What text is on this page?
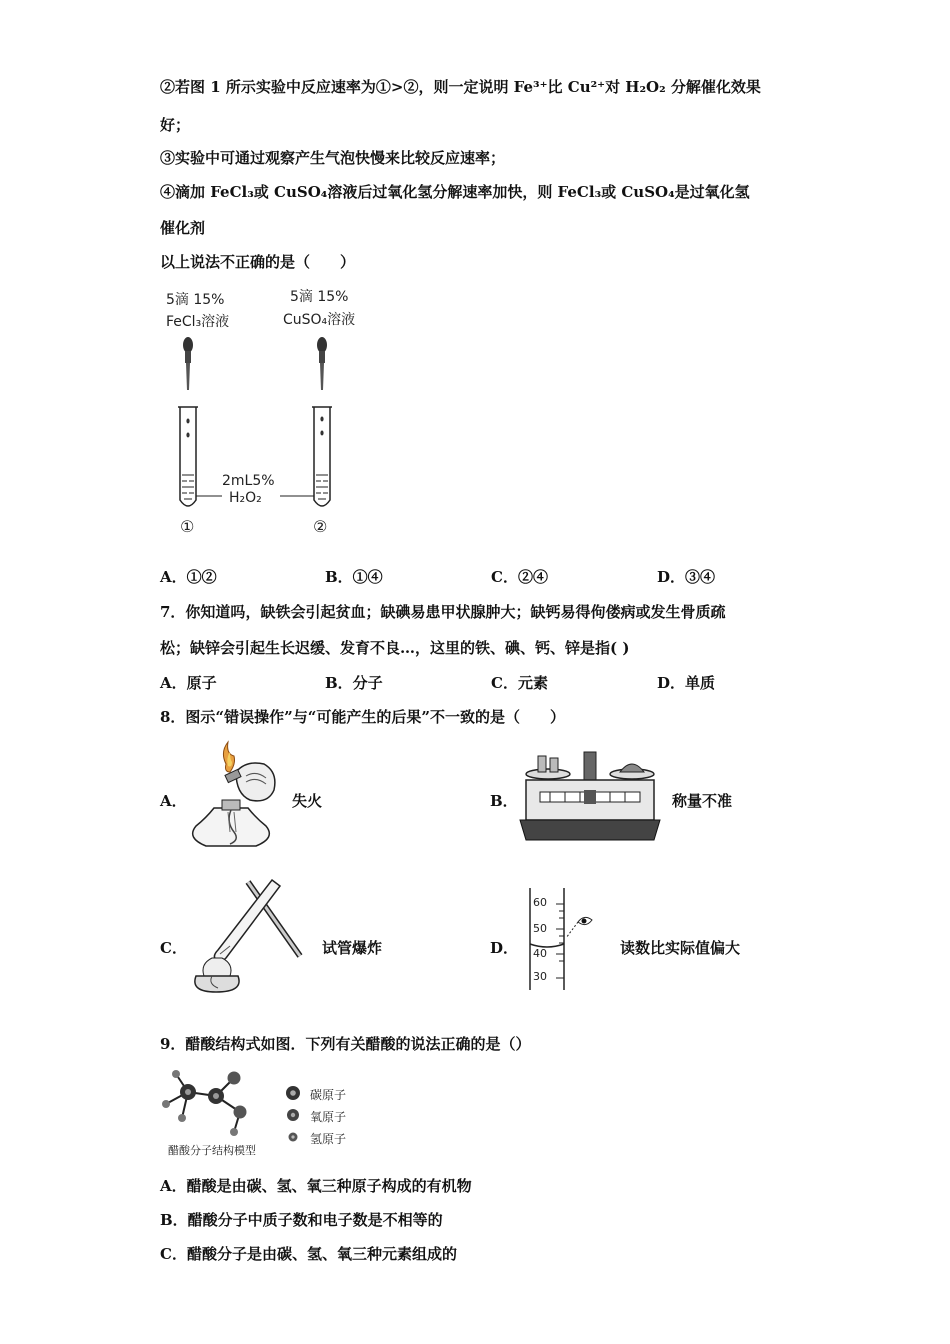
②若图 1 所示实验中反应速率为①>②，则一定说明 Fe³⁺比 Cu²⁺对 H₂O₂ 分解催化效果
好；
③实验中可通过观察产生气泡快慢来比较反应速率；
④滴加 FeCl₃或 CuSO₄溶液后过氧化氢分解速率加快，则 FeCl₃或 CuSO₄是过氧化氢
催化剂
以上说法不正确的是（　　）
5滴 15%
FeCl₃溶液
5滴 15%
CuSO₄溶液
2mL5%
H₂O₂
①	②
A．①②	B．①④	C．②④	D．③④
7．你知道吗，缺铁会引起贫血；缺碘易患甲状腺肿大；缺钙易得佝偻病或发生骨质疏
松；缺锌会引起生长迟缓、发育不良…，这里的铁、碘、钙、锌是指( )
A．原子	B．分子	C．元素	D．单质
8．图示“错误操作”与“可能产生的后果”不一致的是（　　）
A．	失火	B．	称量不准
C．	试管爆炸	D．
60
50
40
30
读数比实际值偏大
9．醋酸结构式如图．下列有关醋酸的说法正确的是（）
醋酸分子结构模型
碳原子
氧原子
氢原子
A．醋酸是由碳、氢、氧三种原子构成的有机物
B．醋酸分子中质子数和电子数是不相等的
C．醋酸分子是由碳、氢、氧三种元素组成的
